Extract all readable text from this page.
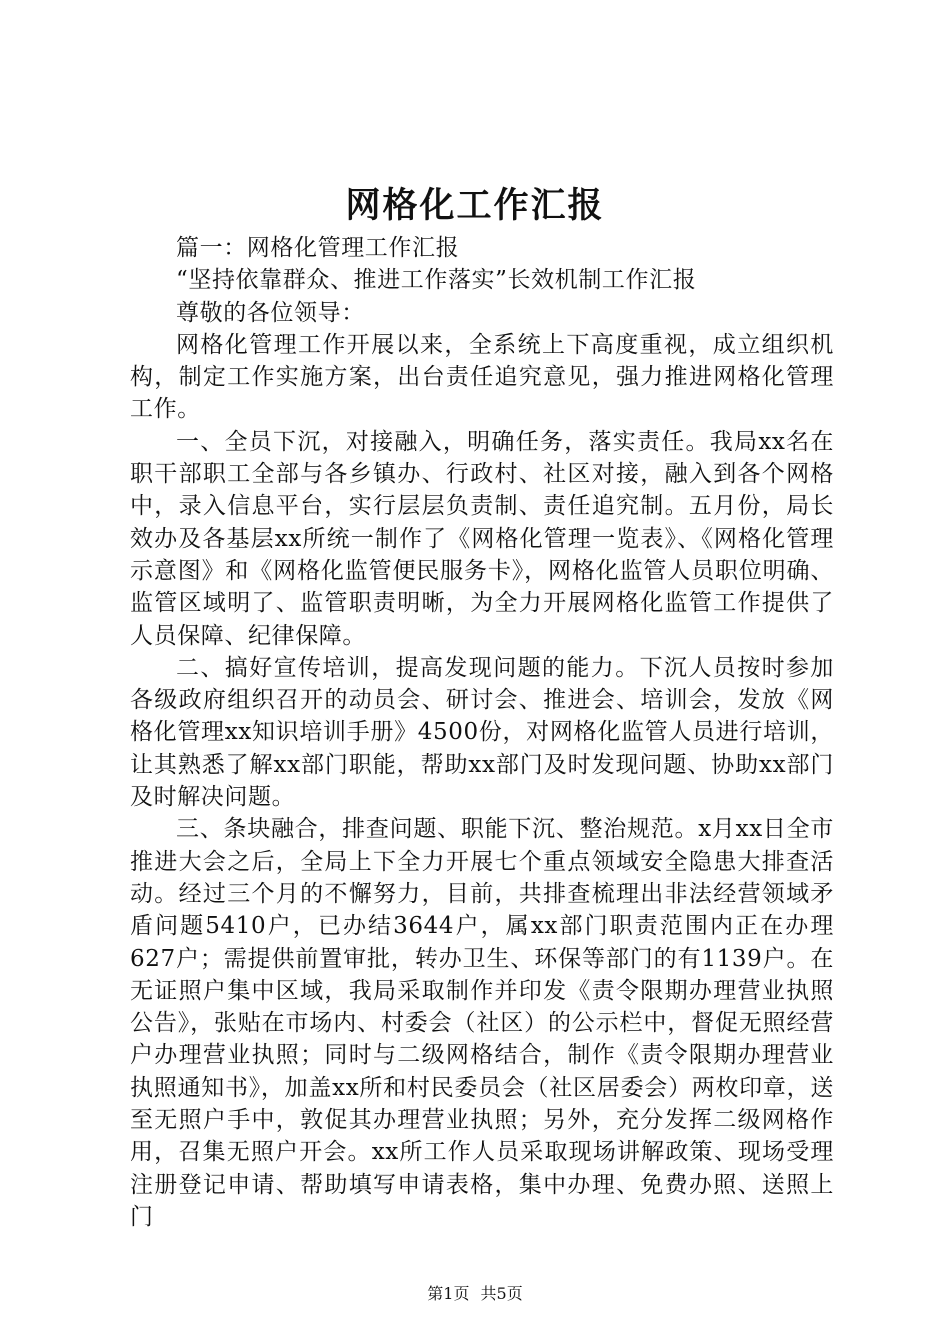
网格化工作汇报

篇一：网格化管理工作汇报

“坚持依靠群众、推进工作落实”长效机制工作汇报

尊敬的各位领导：

网格化管理工作开展以来，全系统上下高度重视，成立组织机构，制定工作实施方案，出台责任追究意见，强力推进网格化管理工作。

一、全员下沉，对接融入，明确任务，落实责任。我局xx名在职干部职工全部与各乡镇办、行政村、社区对接，融入到各个网格中，录入信息平台，实行层层负责制、责任追究制。五月份，局长效办及各基层xx所统一制作了《网格化管理一览表》、《网格化管理示意图》和《网格化监管便民服务卡》，网格化监管人员职位明确、监管区域明了、监管职责明晰，为全力开展网格化监管工作提供了人员保障、纪律保障。

二、搞好宣传培训，提高发现问题的能力。下沉人员按时参加各级政府组织召开的动员会、研讨会、推进会、培训会，发放《网格化管理xx知识培训手册》4500份，对网格化监管人员进行培训，让其熟悉了解xx部门职能，帮助xx部门及时发现问题、协助xx部门及时解决问题。

三、条块融合，排查问题、职能下沉、整治规范。x月xx日全市推进大会之后，全局上下全力开展七个重点领域安全隐患大排查活动。经过三个月的不懈努力，目前，共排查梳理出非法经营领域矛盾问题5410户，已办结3644户，属xx部门职责范围内正在办理627户；需提供前置审批，转办卫生、环保等部门的有1139户。在无证照户集中区域，我局采取制作并印发《责令限期办理营业执照公告》，张贴在市场内、村委会（社区）的公示栏中，督促无照经营户办理营业执照；同时与二级网格结合，制作《责令限期办理营业执照通知书》，加盖xx所和村民委员会（社区居委会）两枚印章，送至无照户手中，敦促其办理营业执照；另外，充分发挥二级网格作用，召集无照户开会。xx所工作人员采取现场讲解政策、现场受理注册登记申请、帮助填写申请表格，集中办理、免费办照、送照上门

第1页 共5页
